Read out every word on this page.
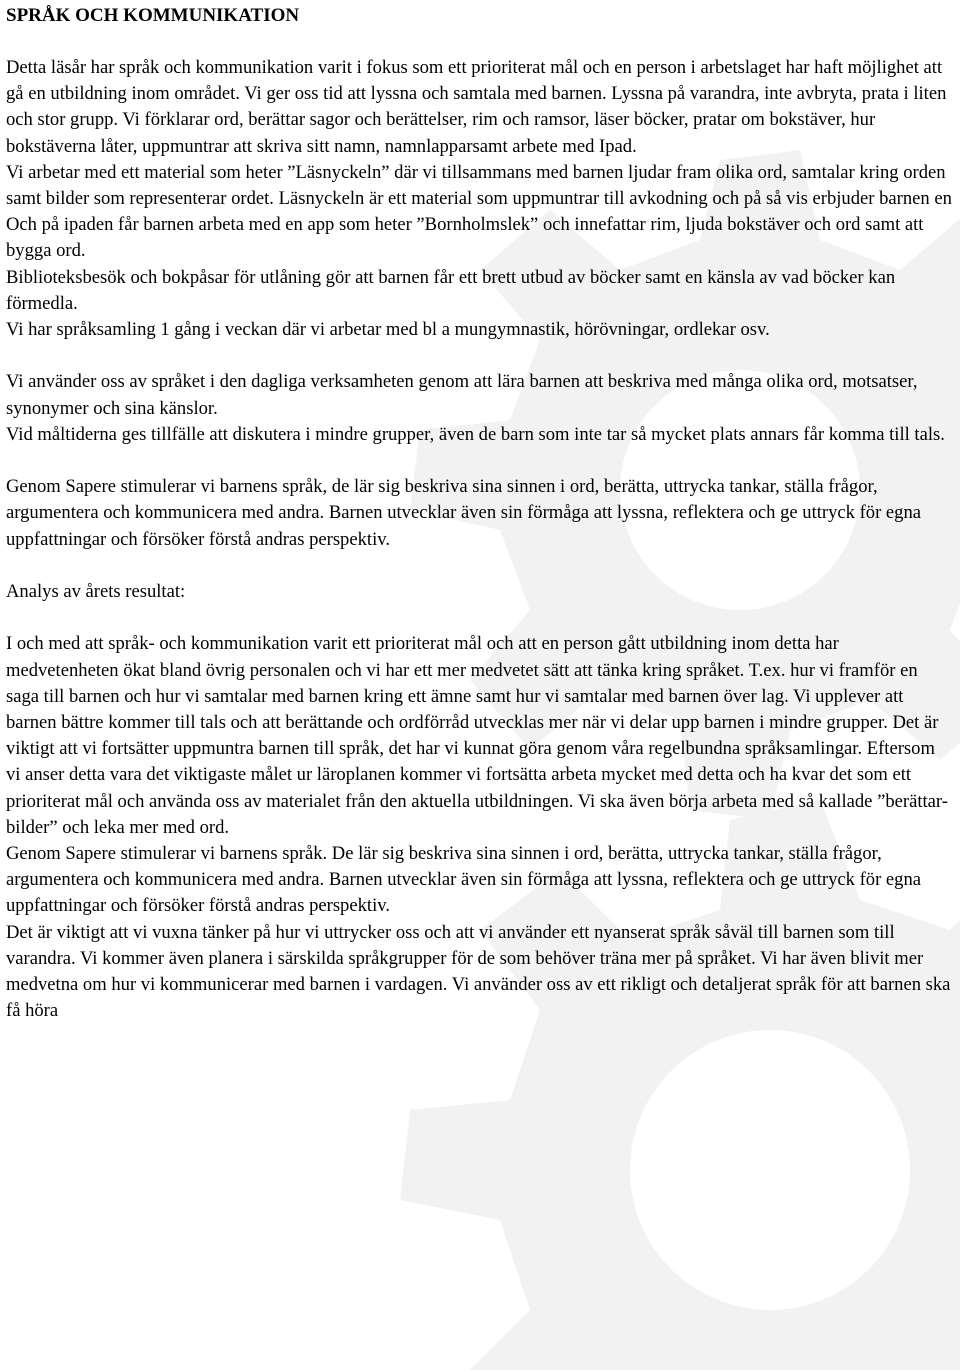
SPRÅK OCH KOMMUNIKATION

Detta läsår har språk och kommunikation varit i fokus som ett prioriterat mål och en person i arbetslaget har haft möjlighet att gå en utbildning inom området. Vi ger oss tid att lyssna och samtala med barnen. Lyssna på varandra, inte avbryta, prata i liten och stor grupp. Vi förklarar ord, berättar sagor och berättelser, rim och ramsor, läser böcker, pratar om bokstäver, hur bokstäverna låter, uppmuntrar att skriva sitt namn, namnlapparsamt arbete med Ipad.

Vi arbetar med ett material som heter ”Läsnyckeln” där vi tillsammans med barnen ljudar fram olika ord, samtalar kring orden samt bilder som representerar ordet. Läsnyckeln är ett material som uppmuntrar till avkodning och på så vis erbjuder barnen en Och på ipaden får barnen arbeta med en app som heter ”Bornholmslek” och innefattar rim, ljuda bokstäver och ord samt att bygga ord.

Biblioteksbesök och bokpåsar för utlåning gör att barnen får ett brett utbud av böcker samt en känsla av vad böcker kan förmedla.

Vi har språksamling 1 gång i veckan där vi arbetar med bl a mungymnastik, hörövningar, ordlekar osv.

Vi använder oss av språket i den dagliga verksamheten genom att lära barnen att beskriva med många olika ord, motsatser, synonymer och sina känslor.

Vid måltiderna ges tillfälle att diskutera i mindre grupper, även de barn som inte tar så mycket plats annars får komma till tals.

Genom Sapere stimulerar vi barnens språk, de lär sig beskriva sina sinnen i ord, berätta, uttrycka tankar, ställa frågor, argumentera och kommunicera med andra. Barnen utvecklar även sin förmåga att lyssna, reflektera och ge uttryck för egna uppfattningar och försöker förstå andras perspektiv.

Analys av årets resultat:

I och med att språk- och kommunikation varit ett prioriterat mål och att en person gått utbildning inom detta har medvetenheten ökat bland övrig personalen och vi har ett mer medvetet sätt att tänka kring språket. T.ex. hur vi framför en saga till barnen och hur vi samtalar med barnen kring ett ämne samt hur vi samtalar med barnen över lag. Vi upplever att barnen bättre kommer till tals och att berättande och ordförråd utvecklas mer när vi delar upp barnen i mindre grupper. Det är viktigt att vi fortsätter uppmuntra barnen till språk, det har vi kunnat göra genom våra regelbundna språksamlingar. Eftersom vi anser detta vara det viktigaste målet ur läroplanen kommer vi fortsätta arbeta mycket med detta och ha kvar det som ett prioriterat mål och använda oss av materialet från den aktuella utbildningen. Vi ska även börja arbeta med så kallade ”berättar-bilder” och leka mer med ord.

Genom Sapere stimulerar vi barnens språk. De lär sig beskriva sina sinnen i ord, berätta, uttrycka tankar, ställa frågor, argumentera och kommunicera med andra. Barnen utvecklar även sin förmåga att lyssna, reflektera och ge uttryck för egna uppfattningar och försöker förstå andras perspektiv.

Det är viktigt att vi vuxna tänker på hur vi uttrycker oss och att vi använder ett nyanserat språk såväl till barnen som till varandra. Vi kommer även planera i särskilda språkgrupper för de som behöver träna mer på språket. Vi har även blivit mer medvetna om hur vi kommunicerar med barnen i vardagen. Vi använder oss av ett rikligt och detaljerat språk för att barnen ska få höra
